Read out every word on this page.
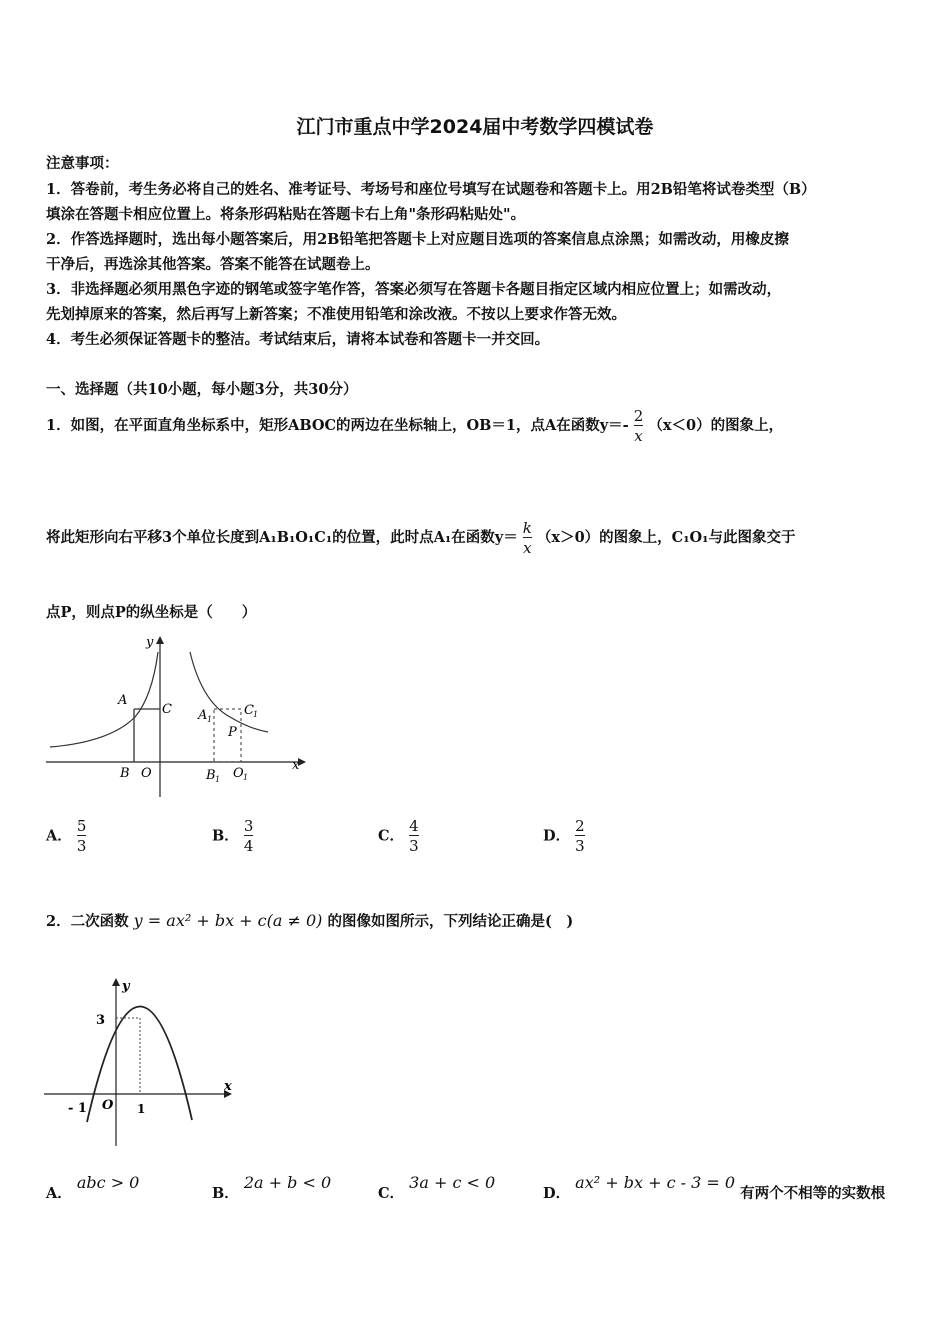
江门市重点中学2024届中考数学四模试卷
注意事项：
1．答卷前，考生务必将自己的姓名、准考证号、考场号和座位号填写在试题卷和答题卡上。用2B铅笔将试卷类型（B）
填涂在答题卡相应位置上。将条形码粘贴在答题卡右上角"条形码粘贴处"。
2．作答选择题时，选出每小题答案后，用2B铅笔把答题卡上对应题目选项的答案信息点涂黑；如需改动，用橡皮擦
干净后，再选涂其他答案。答案不能答在试题卷上。
3．非选择题必须用黑色字迹的钢笔或签字笔作答，答案必须写在答题卡各题目指定区域内相应位置上；如需改动，
先划掉原来的答案，然后再写上新答案；不准使用铅笔和涂改液。不按以上要求作答无效。
4．考生必须保证答题卡的整洁。考试结束后，请将本试卷和答题卡一并交回。
一、选择题（共10小题，每小题3分，共30分）
1．如图，在平面直角坐标系中，矩形ABOC的两边在坐标轴上，OB＝1，点A在函数$y=- \frac{2}{x} (x<0)$的图象上，
将此矩形向右平移3个单位长度到A₁B₁O₁C₁的位置，此时点A₁在函数$y= \frac{k}{x} (x>0)$的图象上，C₁O₁与此图象交于
点P，则点P的纵坐标是（　　）
y
x
A
C
B O
A 1
C 1
P
B 1 O 1
A． $\frac{5}{3}$	B． $\frac{3}{4}$	C． $\frac{4}{3}$	D． $\frac{2}{3}$
2．二次函数 y = ax² + bx + c(a ≠ 0) 的图像如图所示，下列结论正确是(　)
y
x
3
- 1 O 1
A． abc > 0
B． 2a + b < 0
C． 3a + c < 0
D． ax² + bx + c - 3 = 0 有两个不相等的实数根
